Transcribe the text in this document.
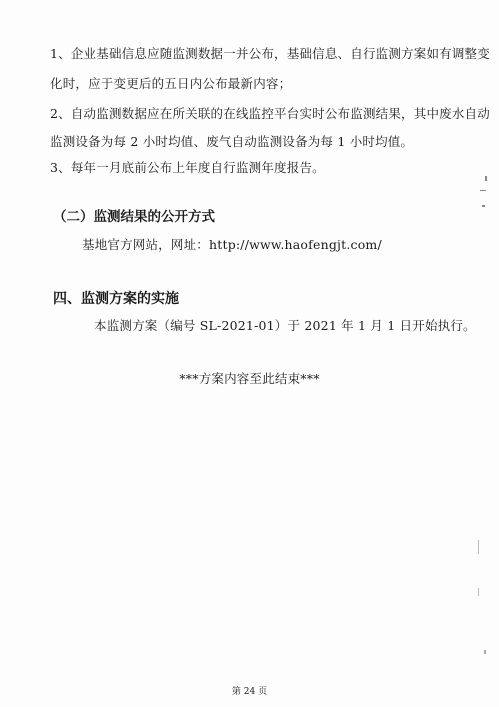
1、企业基础信息应随监测数据一并公布，基础信息、自行监测方案如有调整变
化时，应于变更后的五日内公布最新内容；
2、自动监测数据应在所关联的在线监控平台实时公布监测结果，其中废水自动
监测设备为每 2 小时均值、废气自动监测设备为每 1 小时均值。
3、每年一月底前公布上年度自行监测年度报告。
（二）监测结果的公开方式
基地官方网站，网址：http://www.haofengjt.com/
四、监测方案的实施
本监测方案（编号 SL-2021-01）于 2021 年 1 月 1 日开始执行。
***方案内容至此结束***
第 24 页
